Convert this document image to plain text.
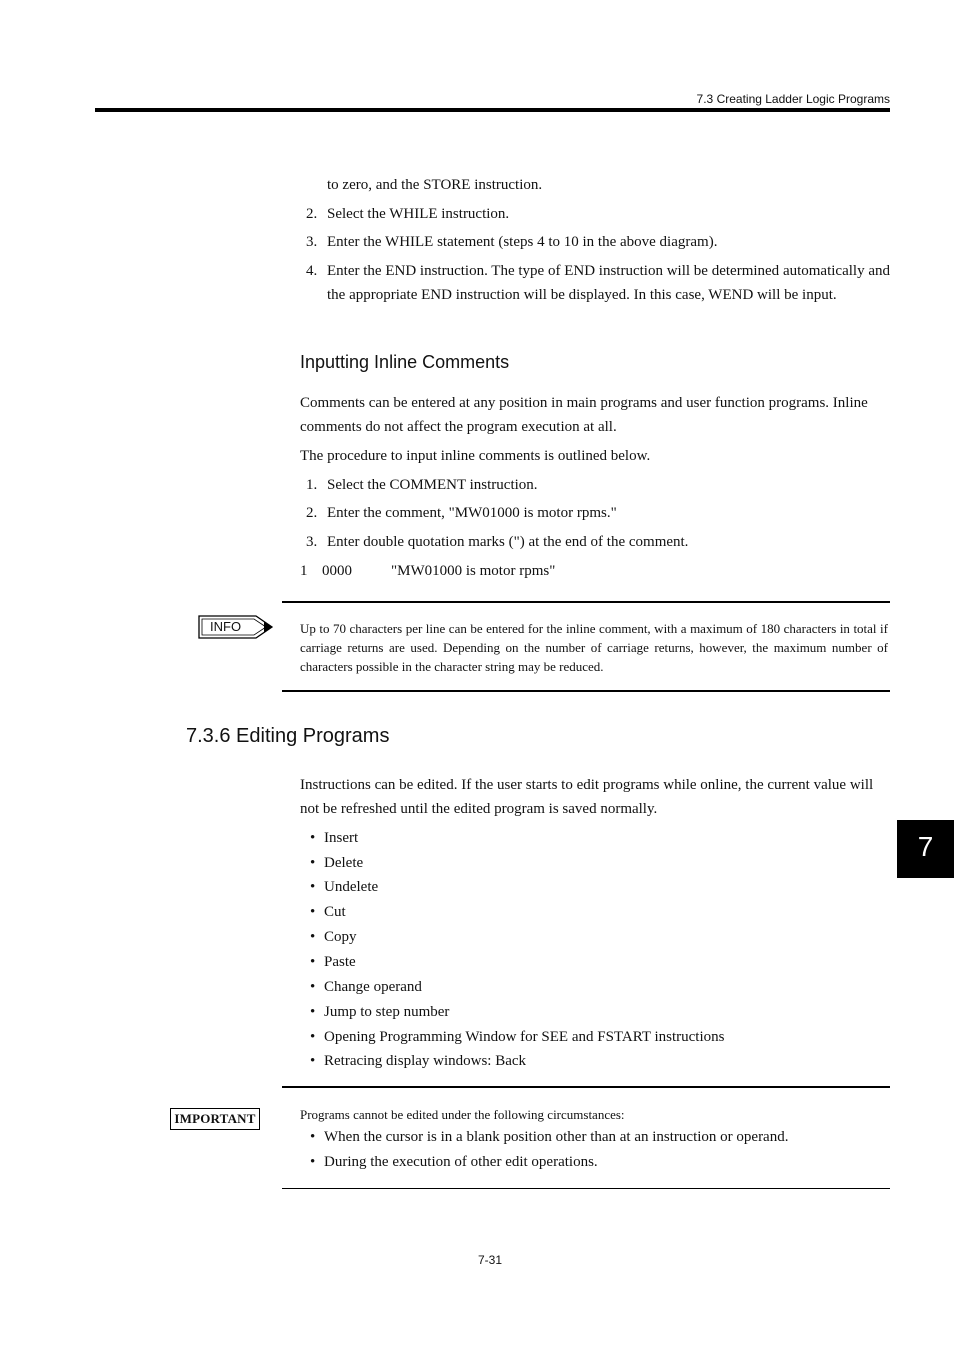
7.3 Creating Ladder Logic Programs
to zero, and the STORE instruction.
2. Select the WHILE instruction.
3. Enter the WHILE statement (steps 4 to 10 in the above diagram).
4. Enter the END instruction. The type of END instruction will be determined automatically and the appropriate END instruction will be displayed. In this case, WEND will be input.
Inputting Inline Comments
Comments can be entered at any position in main programs and user function programs. Inline comments do not affect the program execution at all.
The procedure to input inline comments is outlined below.
1. Select the COMMENT instruction.
2. Enter the comment, "MW01000 is motor rpms."
3. Enter double quotation marks (") at the end of the comment.
1 0000	"MW01000 is motor rpms"
INFO	Up to 70 characters per line can be entered for the inline comment, with a maximum of 180 characters in total if carriage returns are used. Depending on the number of carriage returns, however, the maximum number of characters possible in the character string may be reduced.
7.3.6 Editing Programs
Instructions can be edited. If the user starts to edit programs while online, the current value will not be refreshed until the edited program is saved normally.
• Insert
• Delete
• Undelete
• Cut
• Copy
• Paste
• Change operand
• Jump to step number
• Opening Programming Window for SEE and FSTART instructions
• Retracing display windows: Back
7
IMPORTANT	Programs cannot be edited under the following circumstances:
• When the cursor is in a blank position other than at an instruction or operand.
• During the execution of other edit operations.
7-31
